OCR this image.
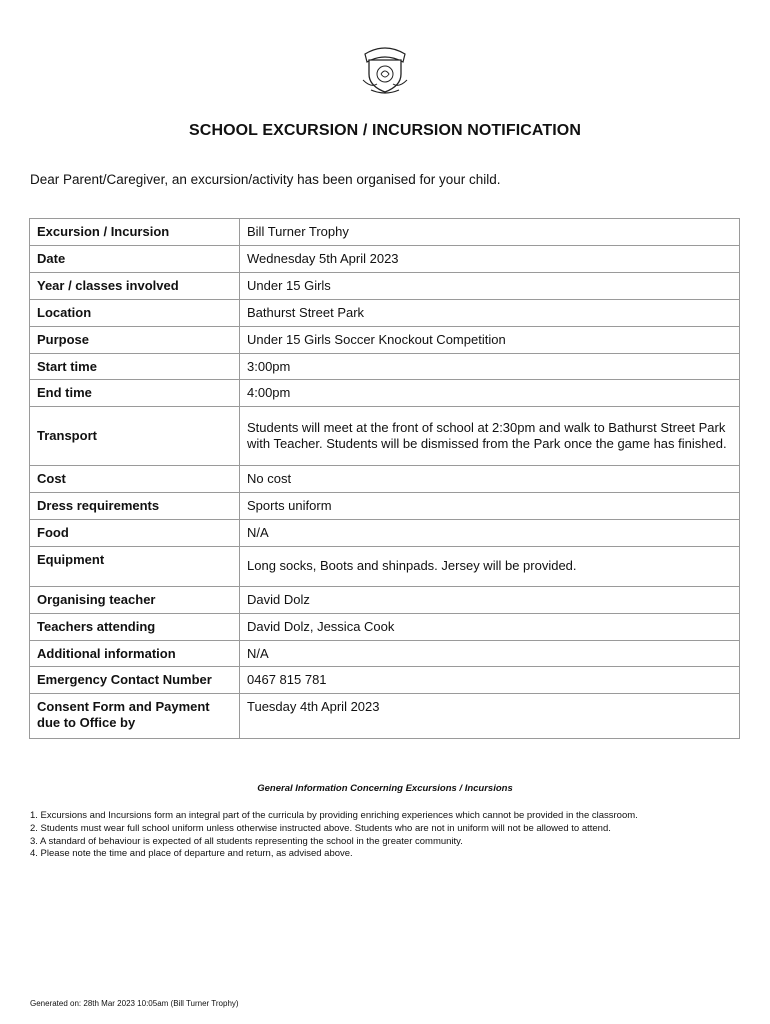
SCHOOL EXCURSION / INCURSION NOTIFICATION
Dear Parent/Caregiver, an excursion/activity has been organised for your child.
Excursion / Incursion	Bill Turner Trophy
Date	Wednesday 5th April 2023
Year / classes involved	Under 15 Girls
Location	Bathurst Street Park
Purpose	Under 15 Girls Soccer Knockout Competition
Start time	3:00pm
End time	4:00pm
Transport	Students will meet at the front of school at 2:30pm and walk to Bathurst Street Park with Teacher. Students will be dismissed from the Park once the game has finished.
Cost	No cost
Dress requirements	Sports uniform
Food	N/A
Equipment	Long socks, Boots and shinpads. Jersey will be provided.
Organising teacher	David Dolz
Teachers attending	David Dolz, Jessica Cook
Additional information	N/A
Emergency Contact Number	0467 815 781
Consent Form and Payment due to Office by	Tuesday 4th April 2023
General Information Concerning Excursions / Incursions
1. Excursions and Incursions form an integral part of the curricula by providing enriching experiences which cannot be provided in the classroom.
2. Students must wear full school uniform unless otherwise instructed above. Students who are not in uniform will not be allowed to attend.
3. A standard of behaviour is expected of all students representing the school in the greater community.
4. Please note the time and place of departure and return, as advised above.
Generated on: 28th Mar 2023 10:05am (Bill Turner Trophy)
